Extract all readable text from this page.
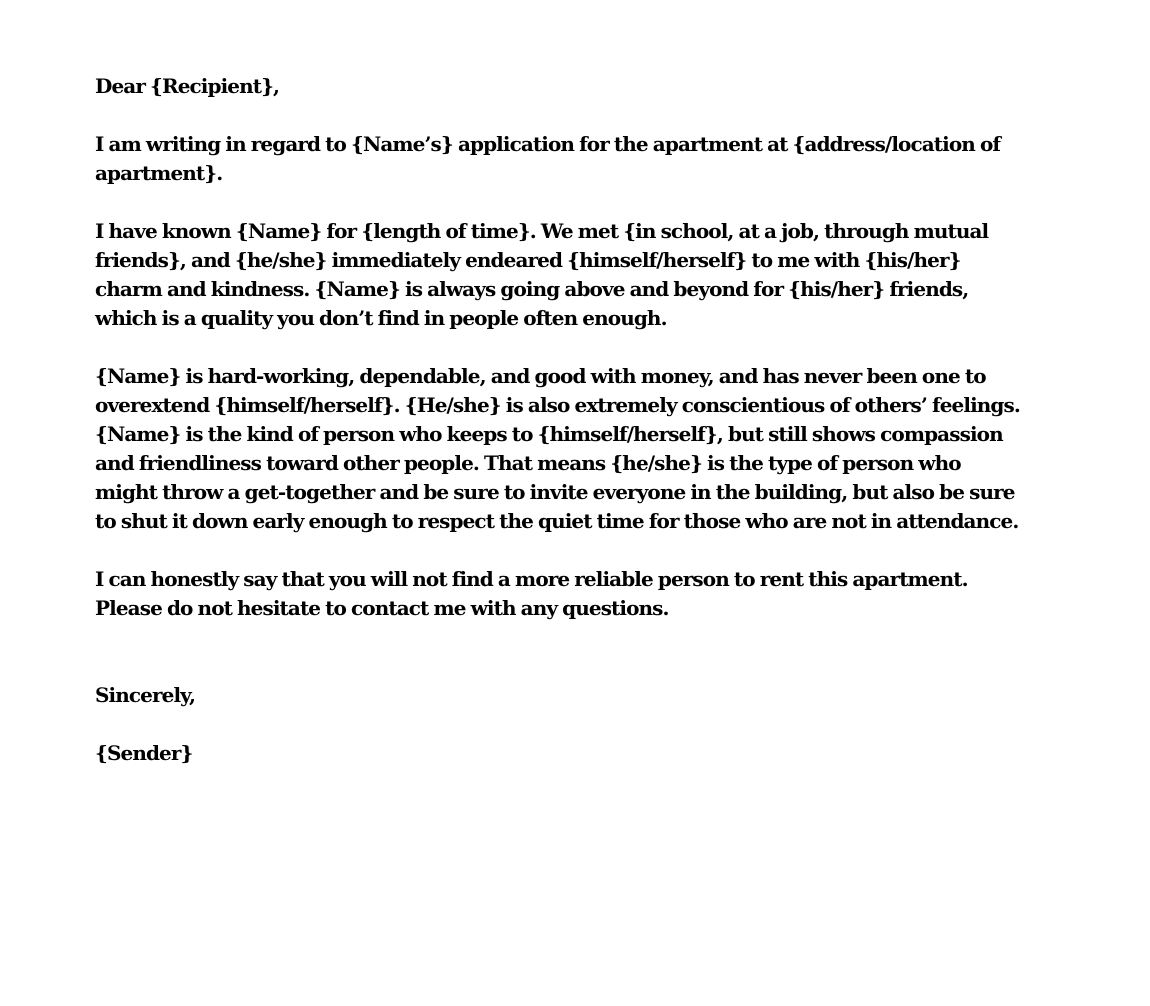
Dear {Recipient},
I am writing in regard to {Name’s} application for the apartment at {address/location of
apartment}.
I have known {Name} for {length of time}. We met {in school, at a job, through mutual
friends}, and {he/she} immediately endeared {himself/herself} to me with {his/her}
charm and kindness. {Name} is always going above and beyond for {his/her} friends,
which is a quality you don’t find in people often enough.
{Name} is hard-working, dependable, and good with money, and has never been one to
overextend {himself/herself}. {He/she} is also extremely conscientious of others’ feelings.
{Name} is the kind of person who keeps to {himself/herself}, but still shows compassion
and friendliness toward other people. That means {he/she} is the type of person who
might throw a get-together and be sure to invite everyone in the building, but also be sure
to shut it down early enough to respect the quiet time for those who are not in attendance.
I can honestly say that you will not find a more reliable person to rent this apartment.
Please do not hesitate to contact me with any questions.
Sincerely,
{Sender}
